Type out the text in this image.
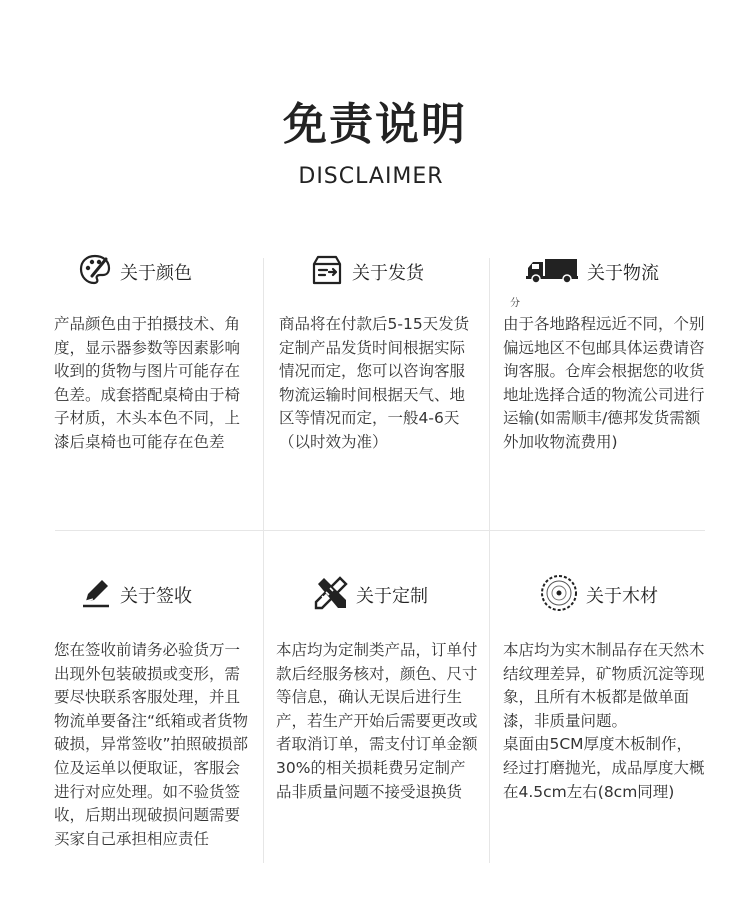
免责说明
DISCLAIMER
关于颜色
产品颜色由于拍摄技术、角度，显示器参数等因素影响收到的货物与图片可能存在色差。成套搭配桌椅由于椅子材质，木头本色不同，上漆后桌椅也可能存在色差
关于发货
商品将在付款后5-15天发货定制产品发货时间根据实际情况而定，您可以咨询客服物流运输时间根据天气、地区等情况而定，一般4-6天（以时效为准）
关于物流
分
由于各地路程远近不同，个别偏远地区不包邮具体运费请咨询客服。仓库会根据您的收货地址选择合适的物流公司进行运输(如需顺丰/德邦发货需额外加收物流费用)
关于签收
您在签收前请务必验货万一出现外包装破损或变形，需要尽快联系客服处理，并且物流单要备注“纸箱或者货物破损，异常签收”拍照破损部位及运单以便取证，客服会进行对应处理。如不验货签收，后期出现破损问题需要买家自己承担相应责任
关于定制
本店均为定制类产品，订单付款后经服务核对，颜色、尺寸等信息，确认无误后进行生产，若生产开始后需要更改或者取消订单，需支付订单金额30%的相关损耗费另定制产品非质量问题不接受退换货
关于木材
本店均为实木制品存在天然木结纹理差异，矿物质沉淀等现象，且所有木板都是做单面漆，非质量问题。
桌面由5CM厚度木板制作，经过打磨抛光，成品厚度大概在4.5cm左右(8cm同理)
